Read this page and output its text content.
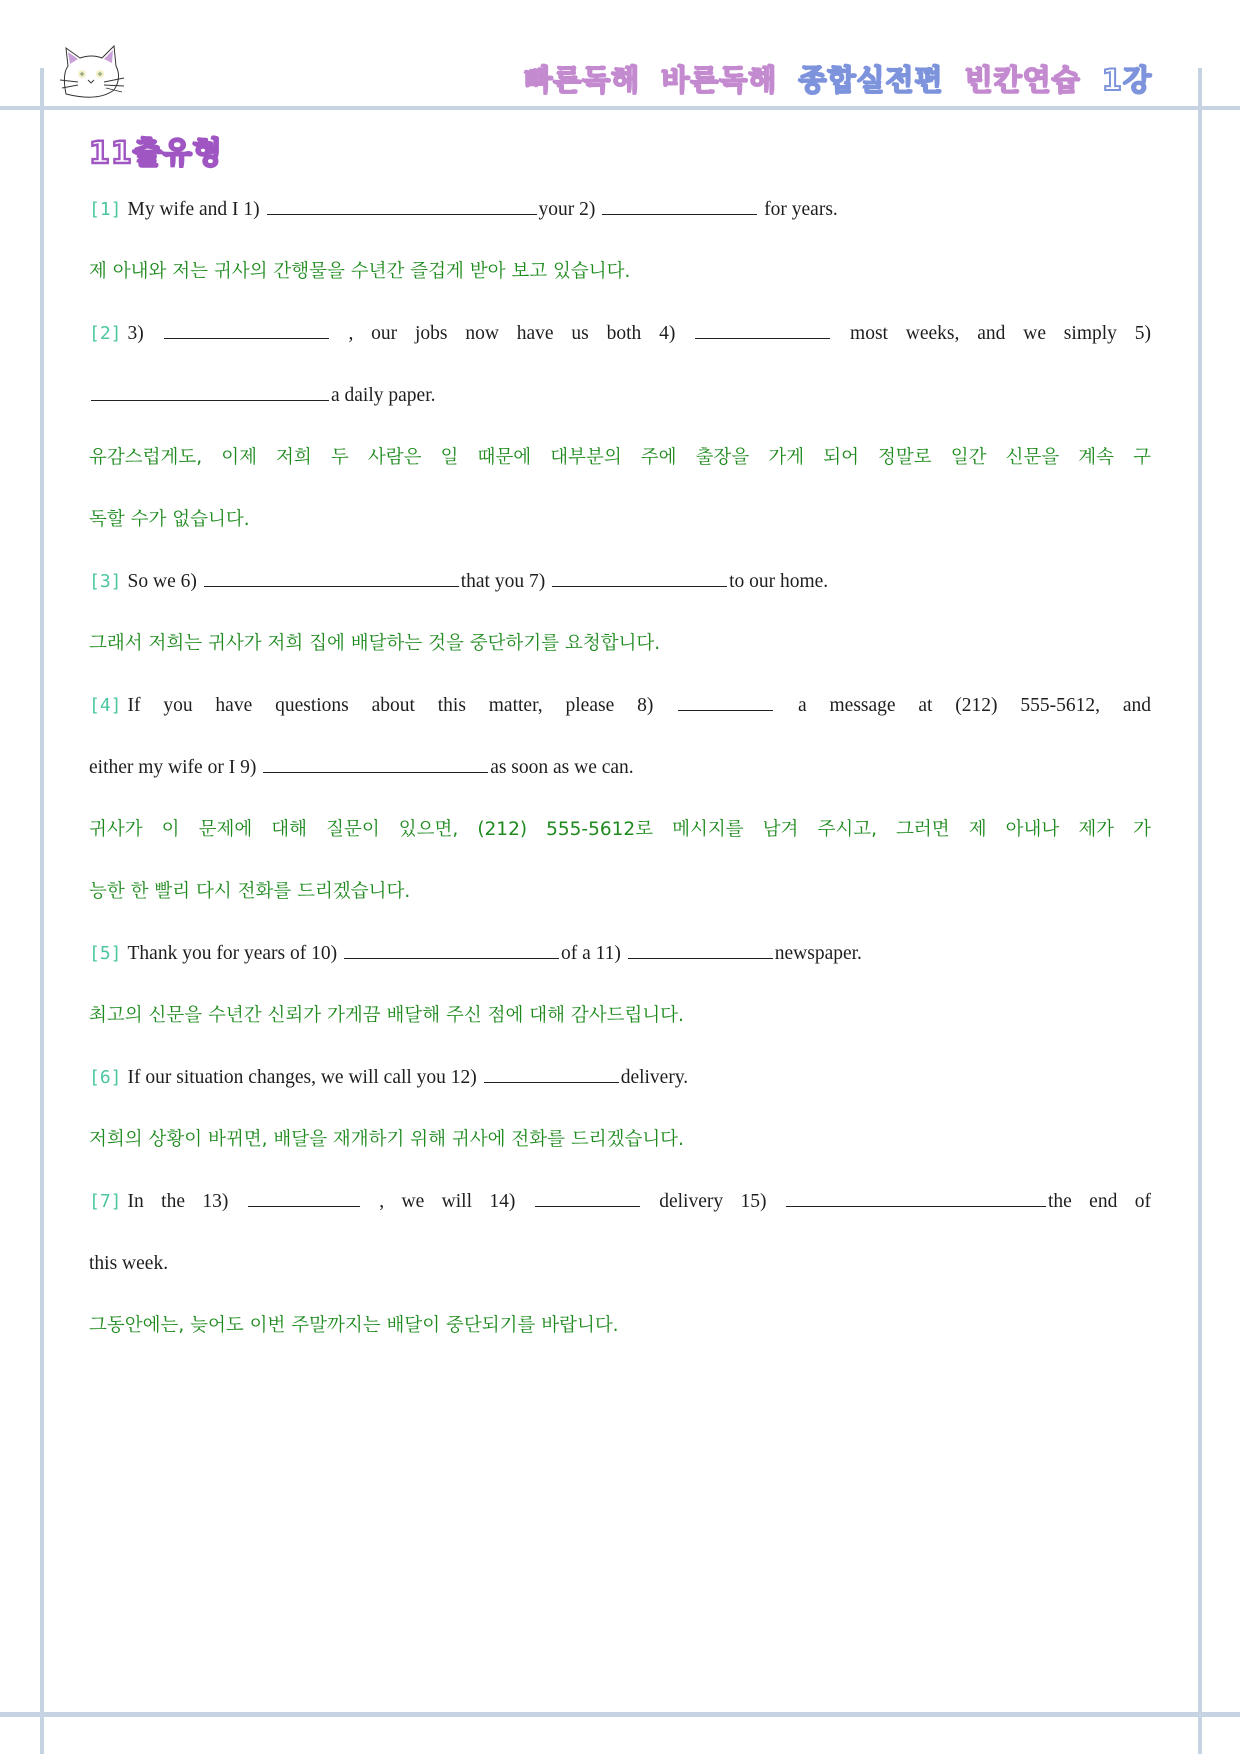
빠른독해 바른독해 종합실전편 빈칸연습 1강
11출유형
[1] My wife and I 1)	your 2)	for years.
제 아내와 저는 귀사의 간행물을 수년간 즐겁게 받아 보고 있습니다.
[2] 3)	, our jobs now have us both 4)	most weeks, and we simply 5)
a daily paper.
유감스럽게도, 이제 저희 두 사람은 일 때문에 대부분의 주에 출장을 가게 되어 정말로 일간 신문을 계속 구
독할 수가 없습니다.
[3] So we 6)	that you 7)	to our home.
그래서 저희는 귀사가 저희 집에 배달하는 것을 중단하기를 요청합니다.
[4] If you have questions about this matter, please 8)	a message at (212) 555-5612, and
either my wife or I 9)	as soon as we can.
귀사가 이 문제에 대해 질문이 있으면, (212) 555-5612로 메시지를 남겨 주시고, 그러면 제 아내나 제가 가
능한 한 빨리 다시 전화를 드리겠습니다.
[5] Thank you for years of 10)	of a 11)	newspaper.
최고의 신문을 수년간 신뢰가 가게끔 배달해 주신 점에 대해 감사드립니다.
[6] If our situation changes, we will call you 12)	delivery.
저희의 상황이 바뀌면, 배달을 재개하기 위해 귀사에 전화를 드리겠습니다.
[7] In the 13)	, we will 14)	delivery 15)	the end of
this week.
그동안에는, 늦어도 이번 주말까지는 배달이 중단되기를 바랍니다.
